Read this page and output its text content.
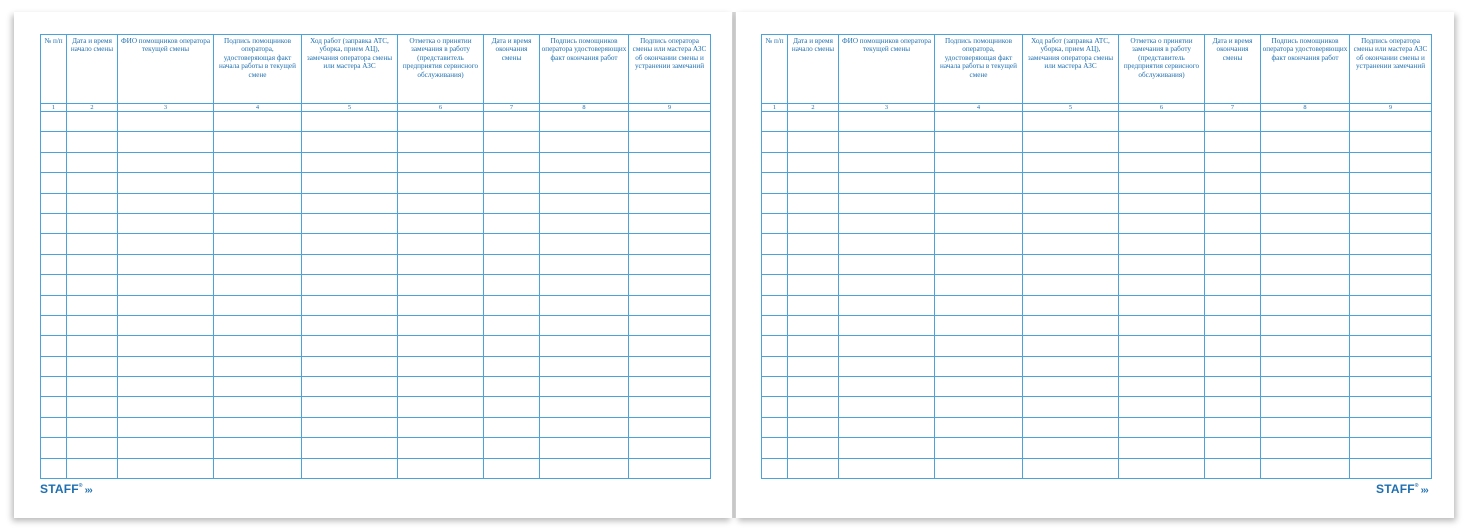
№ п/п	Дата и время начало смены	ФИО помощников оператора текущей смены	Подпись помощников оператора, удостоверяющая факт начала работы в текущей смене	Ход работ (заправка АТС, уборка, прием АЦ), замечания оператора смены или мастера АЗС	Отметка о принятии замечания в работу (представитель предприятия сервисного обслуживания)	Дата и время окончания смены	Подпись помощников оператора удостоверяющих факт окончания работ	Подпись оператора смены или мастера АЗС об окончании смены и устранении замечаний
1	2	3	4	5	6	7	8	9

STAFF® ›››
№ п/п	Дата и время начало смены	ФИО помощников оператора текущей смены	Подпись помощников оператора, удостоверяющая факт начала работы в текущей смене	Ход работ (заправка АТС, уборка, прием АЦ), замечания оператора смены или мастера АЗС	Отметка о принятии замечания в работу (представитель предприятия сервисного обслуживания)	Дата и время окончания смены	Подпись помощников оператора удостоверяющих факт окончания работ	Подпись оператора смены или мастера АЗС об окончании смены и устранении замечаний
1	2	3	4	5	6	7	8	9

STAFF® ›››
